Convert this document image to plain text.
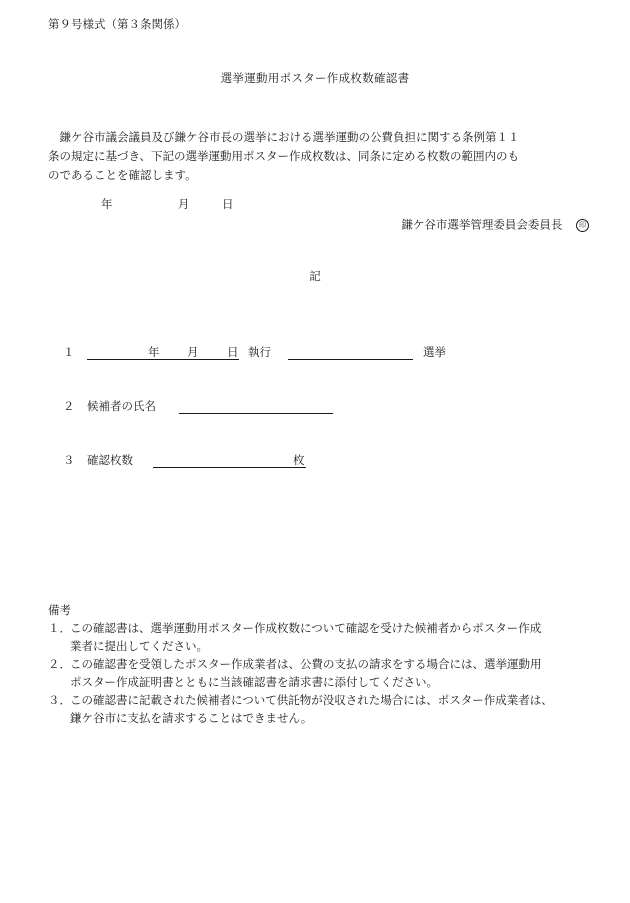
第９号様式（第３条関係）
選挙運動用ポスター作成枚数確認書
　鎌ケ谷市議会議員及び鎌ケ谷市長の選挙における選挙運動の公費負担に関する条例第１１
条の規定に基づき、下記の選挙運動用ポスター作成枚数は、同条に定める枚数の範囲内のも
のであることを確認します。
年	月	日
鎌ケ谷市選挙管理委員会委員長 印
記
１	年 月 日 執行	選挙
２ 候補者の氏名
３ 確認枚数	枚
備考
１． この確認書は、選挙運動用ポスター作成枚数について確認を受けた候補者からポスター作成
業者に提出してください。
２． この確認書を受領したポスター作成業者は、公費の支払の請求をする場合には、選挙運動用
ポスター作成証明書とともに当該確認書を請求書に添付してください。
３． この確認書に記載された候補者について供託物が没収された場合には、ポスター作成業者は、
鎌ケ谷市に支払を請求することはできません。
